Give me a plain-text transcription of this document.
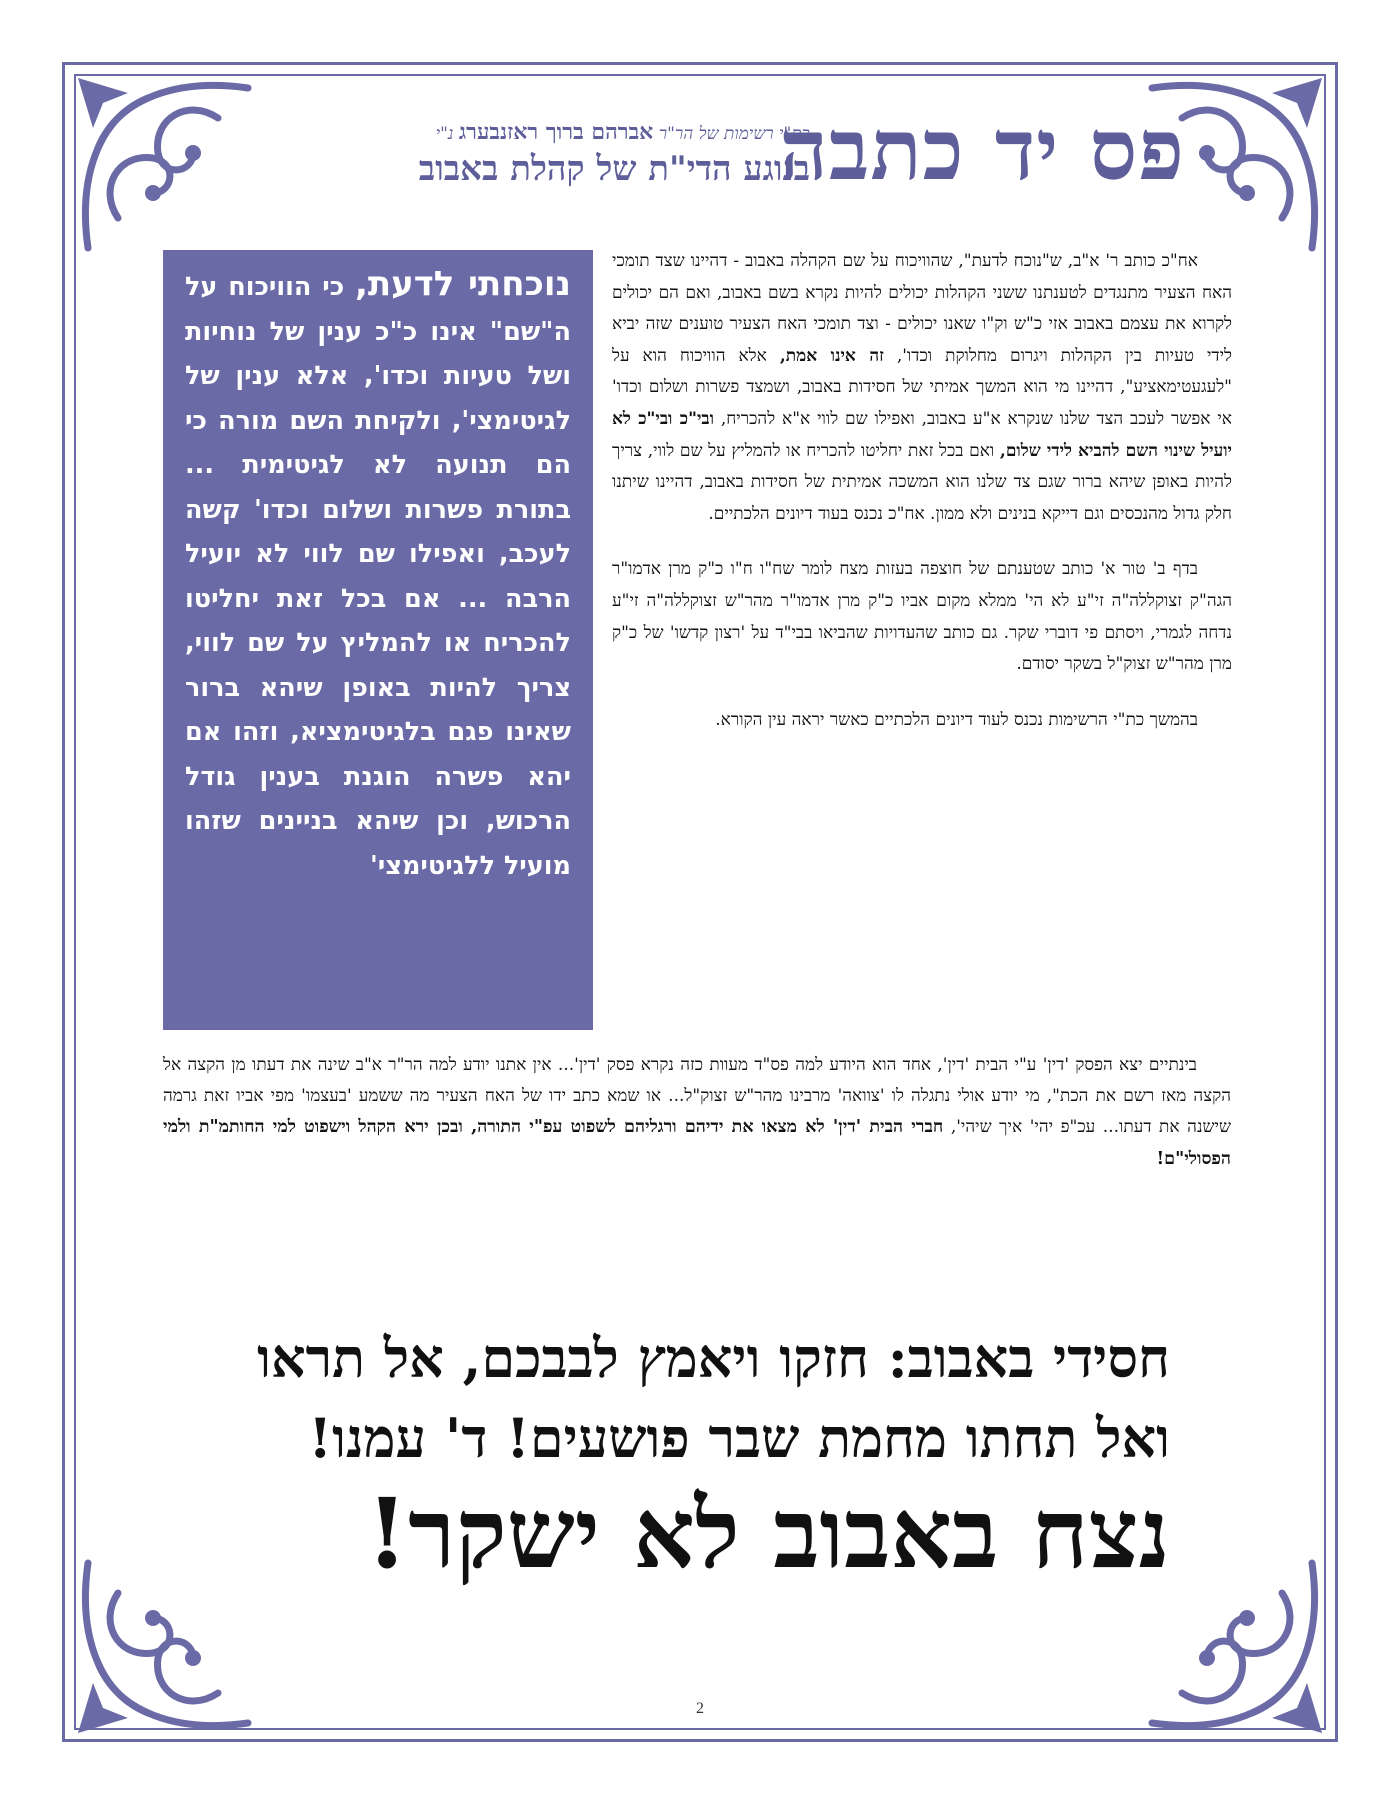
פס יד כתבה
כת"י רשימות של הר"ר אברהם ברוך ראזנבערג נ"י
בנוגע הדי"ת של קהלת באבוב
נוכחתי לדעת, כי הוויכוח על ה"שם" אינו כ"כ ענין של נוחיות ושל טעיות וכדו', אלא ענין של לגיטימצי', ולקיחת השם מורה כי הם תנועה לא לגיטימית ... בתורת פשרות ושלום וכדו' קשה לעכב, ואפילו שם לווי לא יועיל הרבה ... אם בכל זאת יחליטו להכריח או להמליץ על שם לווי, צריך להיות באופן שיהא ברור שאינו פגם בלגיטימציא, וזהו אם יהא פשרה הוגנת בענין גודל הרכוש, וכן שיהא בניינים שזהו מועיל ללגיטימצי'

אח"כ כותב ר' א"ב, ש"נוכח לדעת", שהוויכוח על שם הקהלה באבוב - דהיינו שצד תומכי האח הצעיר מתנגדים לטענתנו ששני הקהלות יכולים להיות נקרא בשם באבוב, ואם הם יכולים לקרוא את עצמם באבוב אזי כ"ש וק"ו שאנו יכולים - וצד תומכי האח הצעיר טוענים שזה יביא לידי טעיות בין הקהלות ויגרום מחלוקת וכדו', זה אינו אמת, אלא הוויכוח הוא על "לעגעטימאציע", דהיינו מי הוא המשך אמיתי של חסידות באבוב, ושמצד פשרות ושלום וכדו' אי אפשר לעכב הצד שלנו שנקרא א"ע באבוב, ואפילו שם לווי א"א להכריח, ובי"כ ובי"כ לא יועיל שינוי השם להביא לידי שלום, ואם בכל זאת יחליטו להכריח או להמליץ על שם לווי, צריך להיות באופן שיהא ברור שגם צד שלנו הוא המשכה אמיתית של חסידות באבוב, דהיינו שיתנו חלק גדול מהנכסים וגם דייקא בנינים ולא ממון. אח"כ נכנס בעוד דיונים הלכתיים.

בדף ב' טור א' כותב שטענתם של חוצפה בעזות מצח לומר שח"ו ח"ו כ"ק מרן אדמו"ר הגה"ק זצוקללה"ה זי"ע לא הי' ממלא מקום אביו כ"ק מרן אדמו"ר מהר"ש זצוקללה"ה זי"ע נדחה לגמרי, ויסתם פי דוברי שקר. גם כותב שהעדויות שהביאו בבי"ד על 'רצון קדשו' של כ"ק מרן מהר"ש זצוק"ל בשקר יסודם.

בהמשך כת"י הרשימות נכנס לעוד דיונים הלכתיים כאשר יראה עין הקורא.

בינתיים יצא הפסק 'דין' ע"י הבית 'דין', אחד הוא היודע למה פס"ד מעוות כזה נקרא פסק 'דין'... אין אתנו יודע למה הר"ר א"ב שינה את דעתו מן הקצה אל הקצה מאז רשם את הכת", מי יודע אולי נתגלה לו 'צוואה' מרבינו מהר"ש זצוק"ל... או שמא כתב ידו של האח הצעיר מה ששמע 'בעצמו' מפי אביו זאת גרמה שישנה את דעתו... עכ"פ יהי' איך שיהי', חברי הבית 'דין' לא מצאו את ידיהם ורגליהם לשפוט עפ"י התורה, ובכן ירא הקהל וישפוט למי החותמ"ת ולמי הפסולי"ם!

חסידי באבוב: חזקו ויאמץ לבבכם, אל תראו
ואל תחתו מחמת שבר פושעים! ד' עמנו!
נצח באבוב לא ישקר!
2
